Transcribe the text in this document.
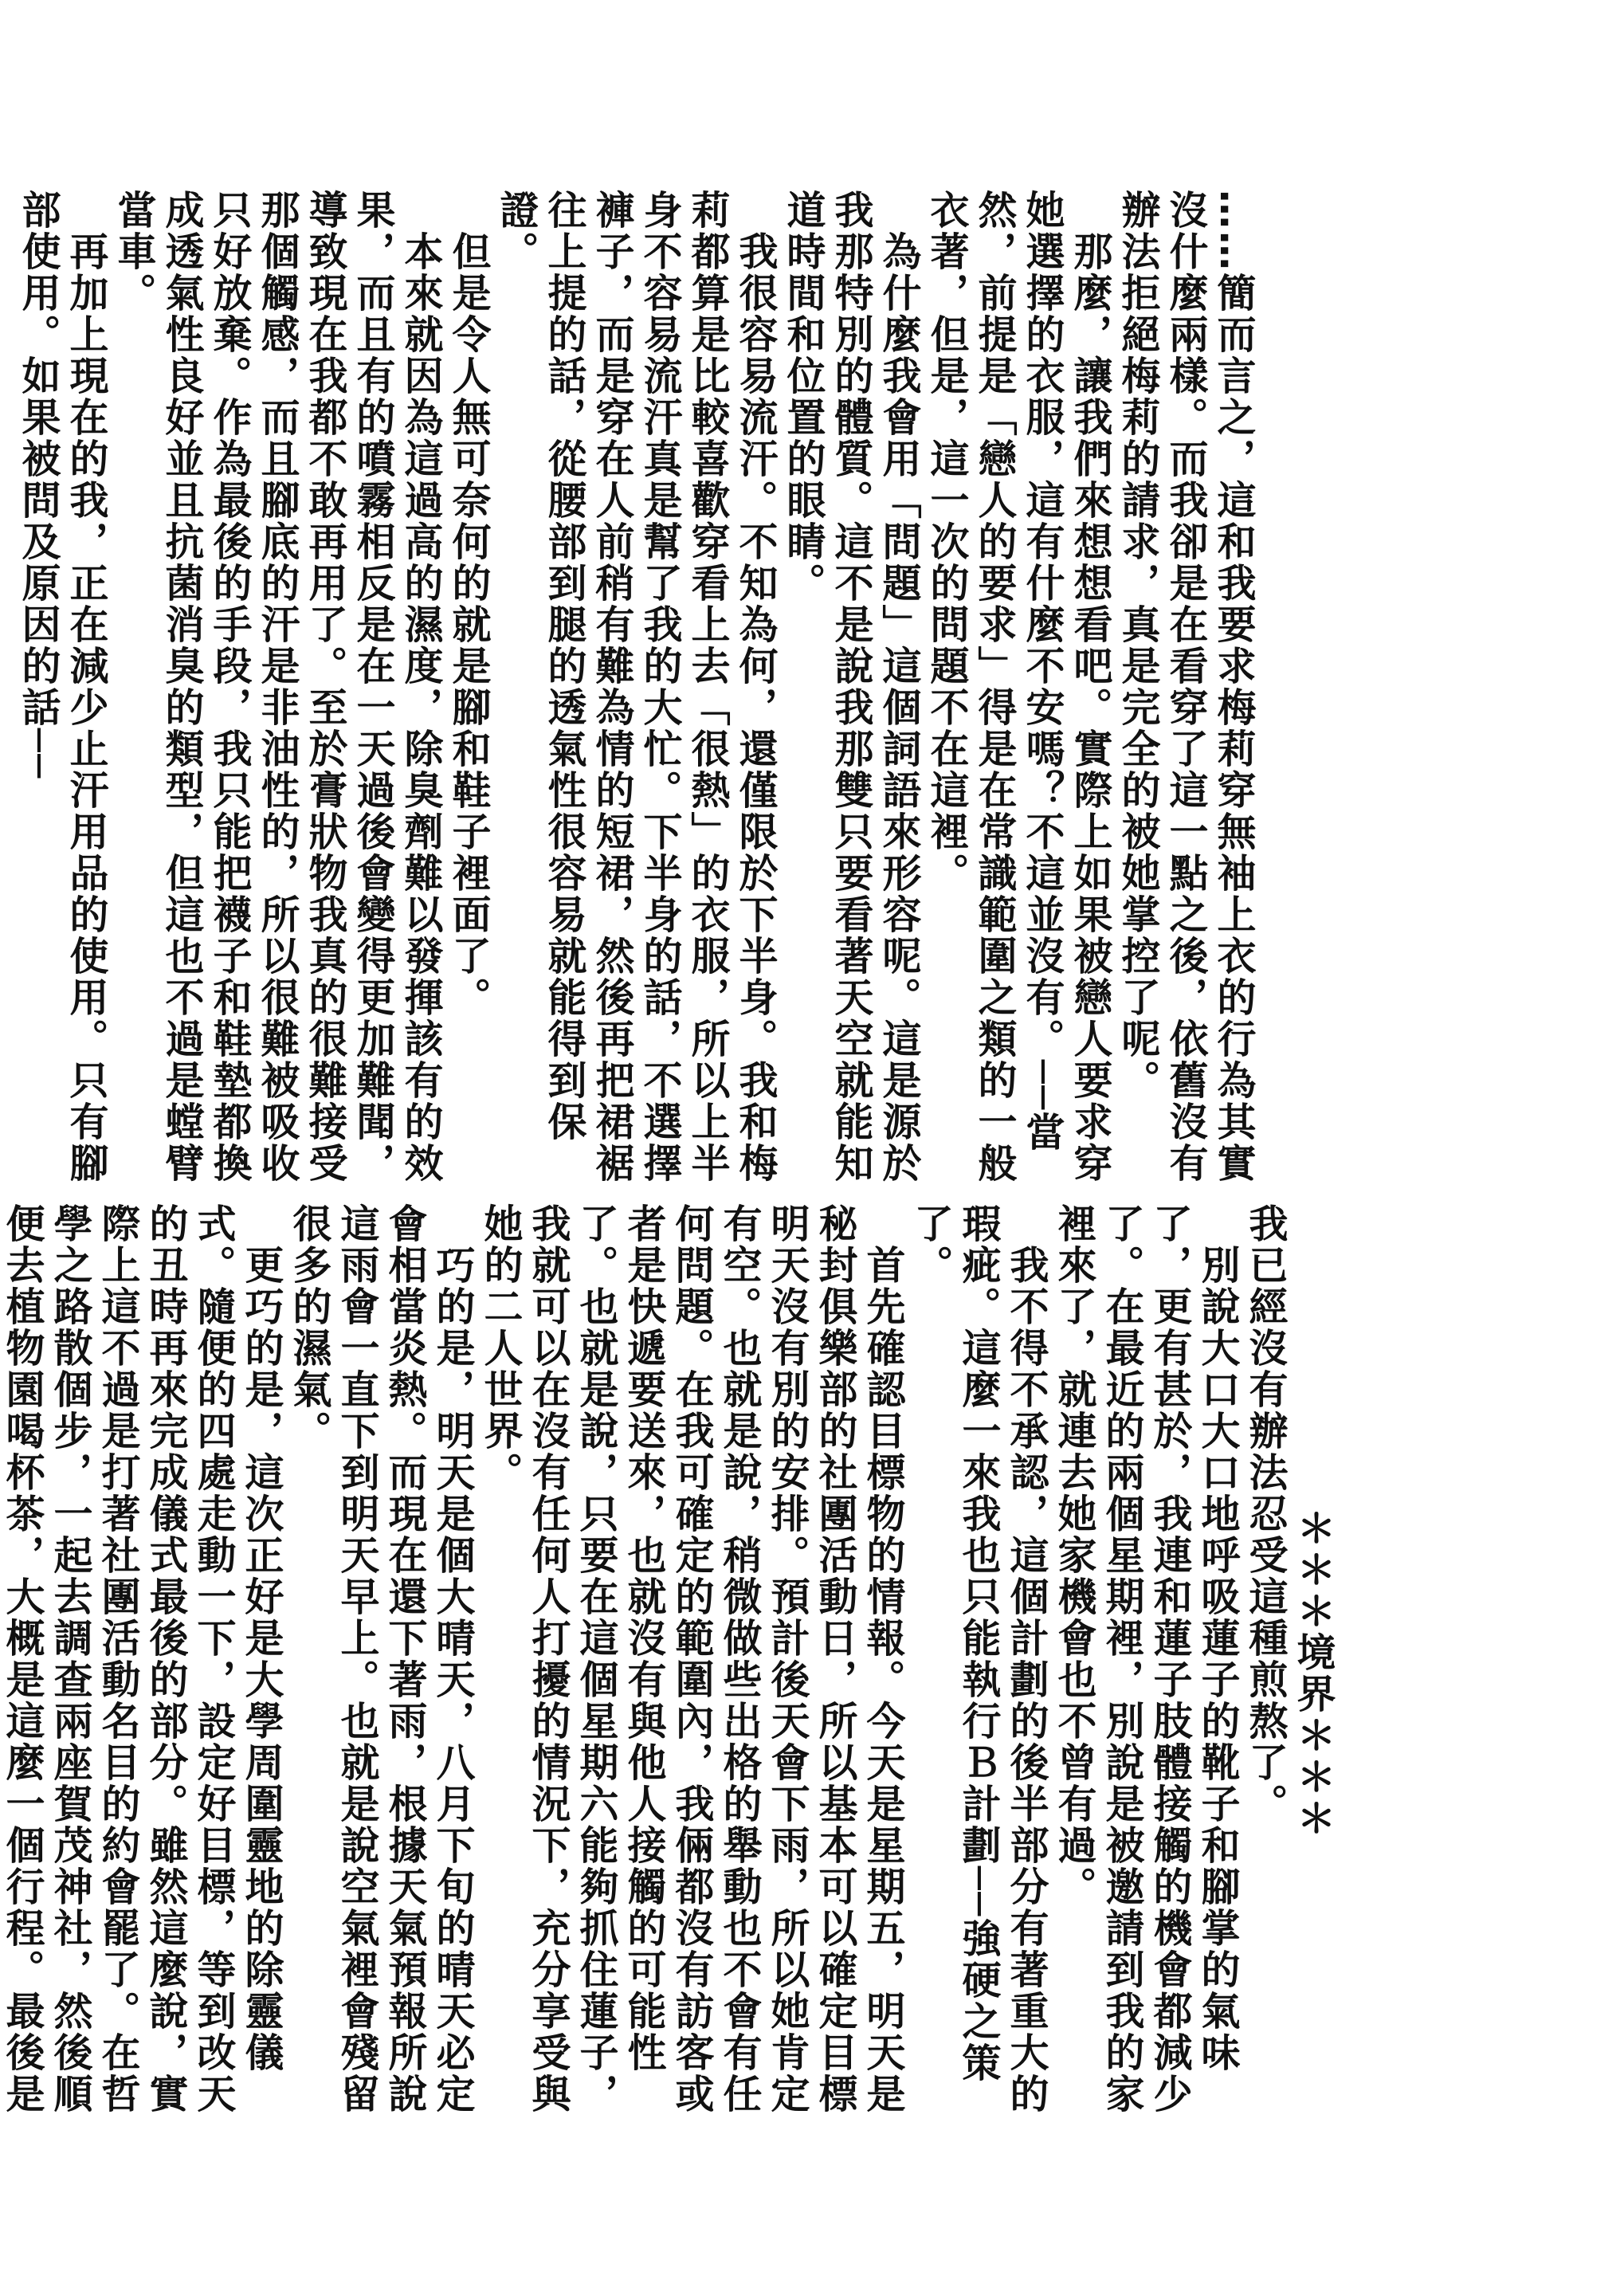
……簡而言之，這和我要求梅莉穿無袖上衣的行為其實沒什麼兩樣。而我卻是在看穿了這一點之後，依舊沒有辦法拒絕梅莉的請求，真是完全的被她掌控了呢。

　那麼，讓我們來想想看吧。實際上如果被戀人要求穿她選擇的衣服，這有什麼不安嗎？不這並沒有。──當然，前提是「戀人的要求」得是在常識範圍之類的一般衣著，但是，這一次的問題不在這裡。

　為什麼我會用「問題」這個詞語來形容呢。這是源於我那特別的體質。這不是說我那雙只要看著天空就能知道時間和位置的眼睛。

　我很容易流汗。不知為何，還僅限於下半身。我和梅莉都算是比較喜歡穿看上去「很熱」的衣服，所以上半身不容易流汗真是幫了我的大忙。下半身的話，不選擇褲子，而是穿在人前稍有難為情的短裙，然後再把裙裾往上提的話，從腰部到腿的透氣性很容易就能得到保證。

　但是令人無可奈何的就是腳和鞋子裡面了。

　本來就因為這過高的濕度，除臭劑難以發揮該有的效果，而且有的噴霧相反是在一天過後會變得更加難聞，導致現在我都不敢再用了。至於膏狀物我真的很難接受那個觸感，而且腳底的汗是非油性的，所以很難被吸收只好放棄。作為最後的手段，我只能把襪子和鞋墊都換成透氣性良好並且抗菌消臭的類型，但這也不過是螳臂當車。

　再加上現在的我，正在減少止汗用品的使用。只有腳部使用。如果被問及原因的話──

＊＊＊境界＊＊＊

我已經沒有辦法忍受這種煎熬了。

　別說大口大口地呼吸蓮子的靴子和腳掌的氣味了，更有甚於，我連和蓮子肢體接觸的機會都減少了。在最近的兩個星期裡，別說是被邀請到我的家裡來了，就連去她家機會也不曾有過。

　我不得不承認，這個計劃的後半部分有著重大的瑕疵。這麼一來我也只能執行Ｂ計劃──強硬之策了。

　首先確認目標物的情報。今天是星期五，明天是秘封俱樂部的社團活動日，所以基本可以確定目標明天沒有別的安排。預計後天會下雨，所以她肯定有空。也就是說，稍微做些出格的舉動也不會有任何問題。在我可確定的範圍內，我倆都沒有訪客或者是快遞要送來，也就沒有與他人接觸的可能性了。也就是說，只要在這個星期六能夠抓住蓮子，我就可以在沒有任何人打擾的情況下，充分享受與她的二人世界。

　巧的是，明天是個大晴天，八月下旬的晴天必定會相當炎熱。而現在還下著雨，根據天氣預報所說這雨會一直下到明天早上。也就是說空氣裡會殘留很多的濕氣。

　更巧的是，這次正好是大學周圍靈地的除靈儀式。隨便的四處走動一下，設定好目標，等到改天的丑時再來完成儀式最後的部分。雖然這麼說，實際上這不過是打著社團活動名目的約會罷了。在哲學之路散個步，一起去調查兩座賀茂神社，然後順便去植物園喝杯茶，大概是這麼一個行程。最後是
